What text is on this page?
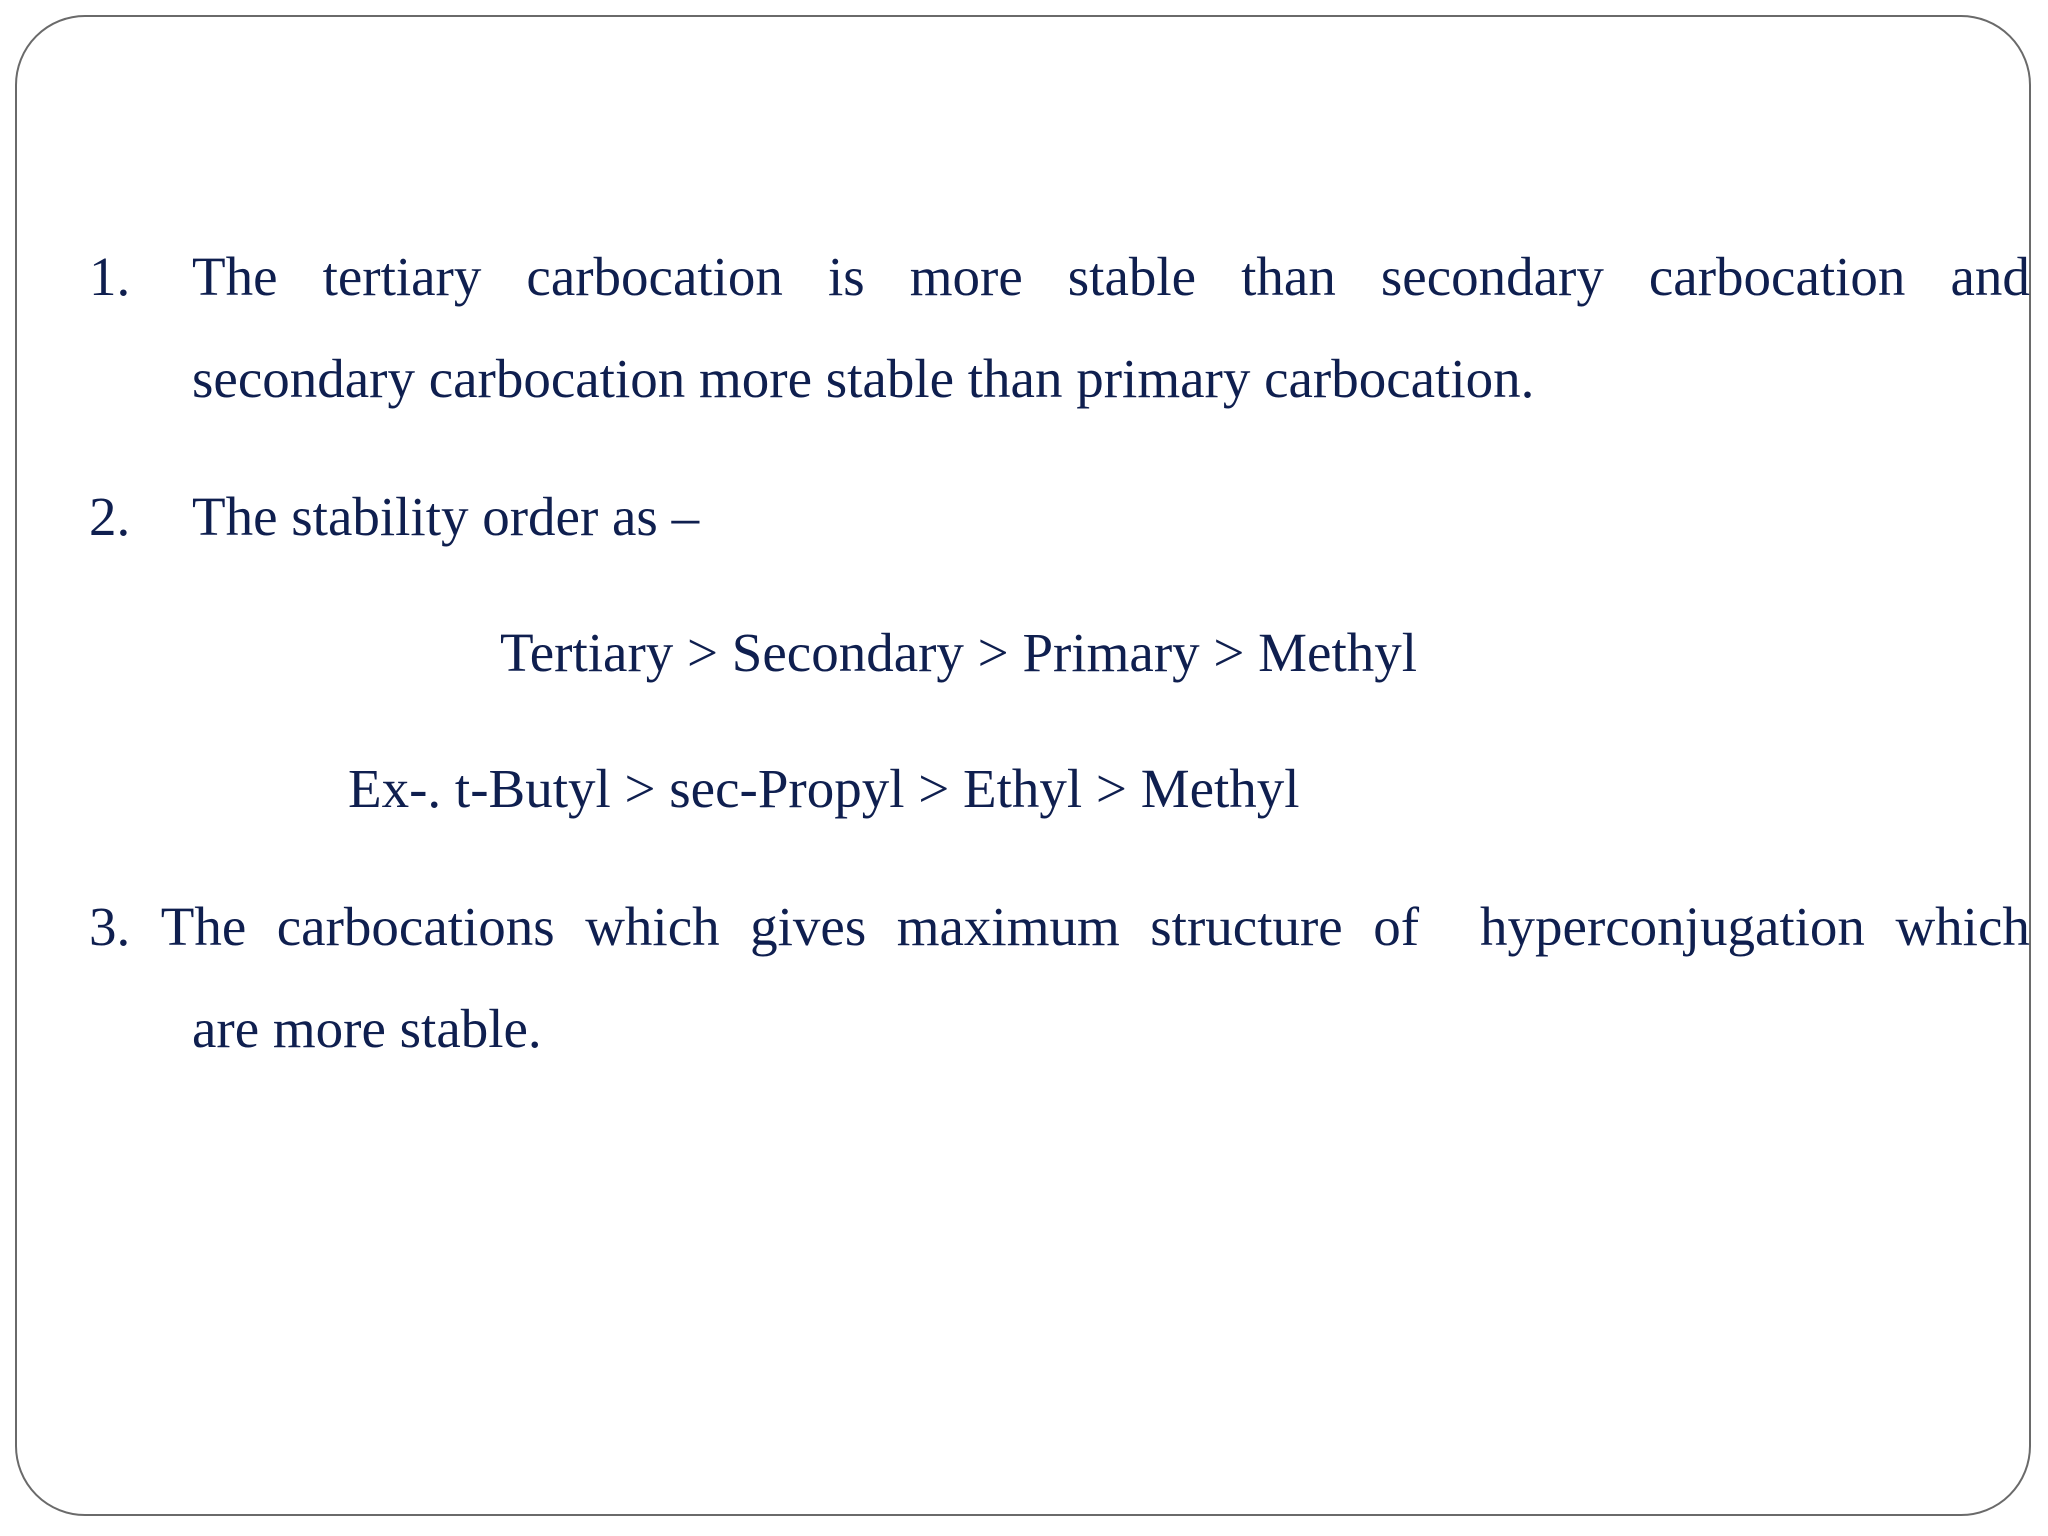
1. The tertiary carbocation is more stable than secondary carbocation and
secondary carbocation more stable than primary carbocation.
2. The stability order as –
Tertiary > Secondary > Primary > Methyl
Ex-. t-Butyl > sec-Propyl > Ethyl > Methyl
3. The carbocations which gives maximum structure of hyperconjugation which
are more stable.
